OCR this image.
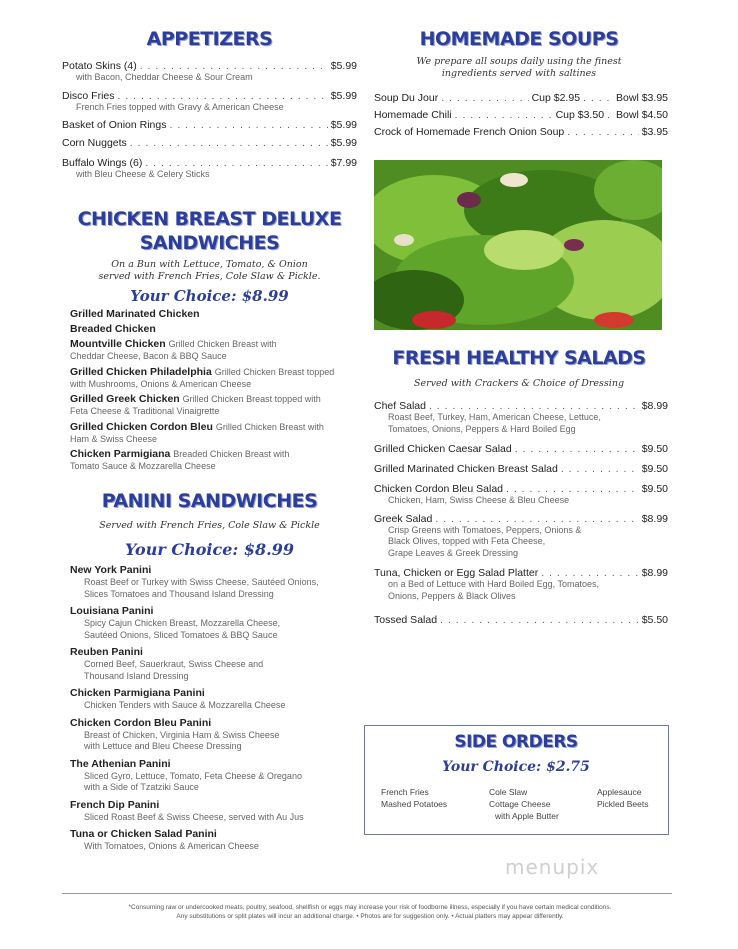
APPETIZERS
Potato Skins (4) . . .	$5.99
with Bacon, Cheddar Cheese & Sour Cream
Disco Fries . . .	$5.99
French Fries topped with Gravy & American Cheese
Basket of Onion Rings . . .	$5.99
Corn Nuggets . . .	$5.99
Buffalo Wings (6) . . .	$7.99
with Bleu Cheese & Celery Sticks
CHICKEN BREAST DELUXE
SANDWICHES
On a Bun with Lettuce, Tomato, & Onion
served with French Fries, Cole Slaw & Pickle.
Your Choice: $8.99
Grilled Marinated Chicken
Breaded Chicken
Mountville Chicken Grilled Chicken Breast with
Cheddar Cheese, Bacon & BBQ Sauce
Grilled Chicken Philadelphia Grilled Chicken Breast topped
with Mushrooms, Onions & American Cheese
Grilled Greek Chicken Grilled Chicken Breast topped with
Feta Cheese & Traditional Vinaigrette
Grilled Chicken Cordon Bleu Grilled Chicken Breast with
Ham & Swiss Cheese
Chicken Parmigiana Breaded Chicken Breast with
Tomato Sauce & Mozzarella Cheese
PANINI SANDWICHES
Served with French Fries, Cole Slaw & Pickle
Your Choice: $8.99
New York Panini
Roast Beef or Turkey with Swiss Cheese, Sautéed Onions,
Slices Tomatoes and Thousand Island Dressing
Louisiana Panini
Spicy Cajun Chicken Breast, Mozzarella Cheese,
Sautéed Onions, Sliced Tomatoes & BBQ Sauce
Reuben Panini
Corned Beef, Sauerkraut, Swiss Cheese and
Thousand Island Dressing
Chicken Parmigiana Panini
Chicken Tenders with Sauce & Mozzarella Cheese
Chicken Cordon Bleu Panini
Breast of Chicken, Virginia Ham & Swiss Cheese
with Lettuce and Bleu Cheese Dressing
The Athenian Panini
Sliced Gyro, Lettuce, Tomato, Feta Cheese & Oregano
with a Side of Tzatziki Sauce
French Dip Panini
Sliced Roast Beef & Swiss Cheese, served with Au Jus
Tuna or Chicken Salad Panini
With Tomatoes, Onions & American Cheese
HOMEMADE SOUPS
We prepare all soups daily using the finest
ingredients served with saltines
Soup Du Jour . . .	Cup $2.95 . . .	Bowl $3.95
Homemade Chili . . .	Cup $3.50 . . . Bowl $4.50
Crock of Homemade French Onion Soup . . .	$3.95
FRESH HEALTHY SALADS
Served with Crackers & Choice of Dressing
Chef Salad . . .	$8.99
Roast Beef, Turkey, Ham, American Cheese, Lettuce,
Tomatoes, Onions, Peppers & Hard Boiled Egg
Grilled Chicken Caesar Salad . . .	$9.50
Grilled Marinated Chicken Breast Salad . . .	$9.50
Chicken Cordon Bleu Salad . . .	$9.50
Chicken, Ham, Swiss Cheese & Bleu Cheese
Greek Salad . . .	$8.99
Crisp Greens with Tomatoes, Peppers, Onions &
Black Olives, topped with Feta Cheese,
Grape Leaves & Greek Dressing
Tuna, Chicken or Egg Salad Platter . . .	$8.99
on a Bed of Lettuce with Hard Boiled Egg, Tomatoes,
Onions, Peppers & Black Olives
Tossed Salad . . .	$5.50
SIDE ORDERS
Your Choice: $2.75
French Fries
Mashed Potatoes
Cole Slaw
Cottage Cheese
with Apple Butter
Applesauce
Pickled Beets
menupix
*Consuming raw or undercooked meats, poultry, seafood, shellfish or eggs may increase your risk of foodborne illness, especially if you have certain medical conditions.
Any substitutions or split plates will incur an additional charge. • Photos are for suggestion only. • Actual platters may appear differently.
